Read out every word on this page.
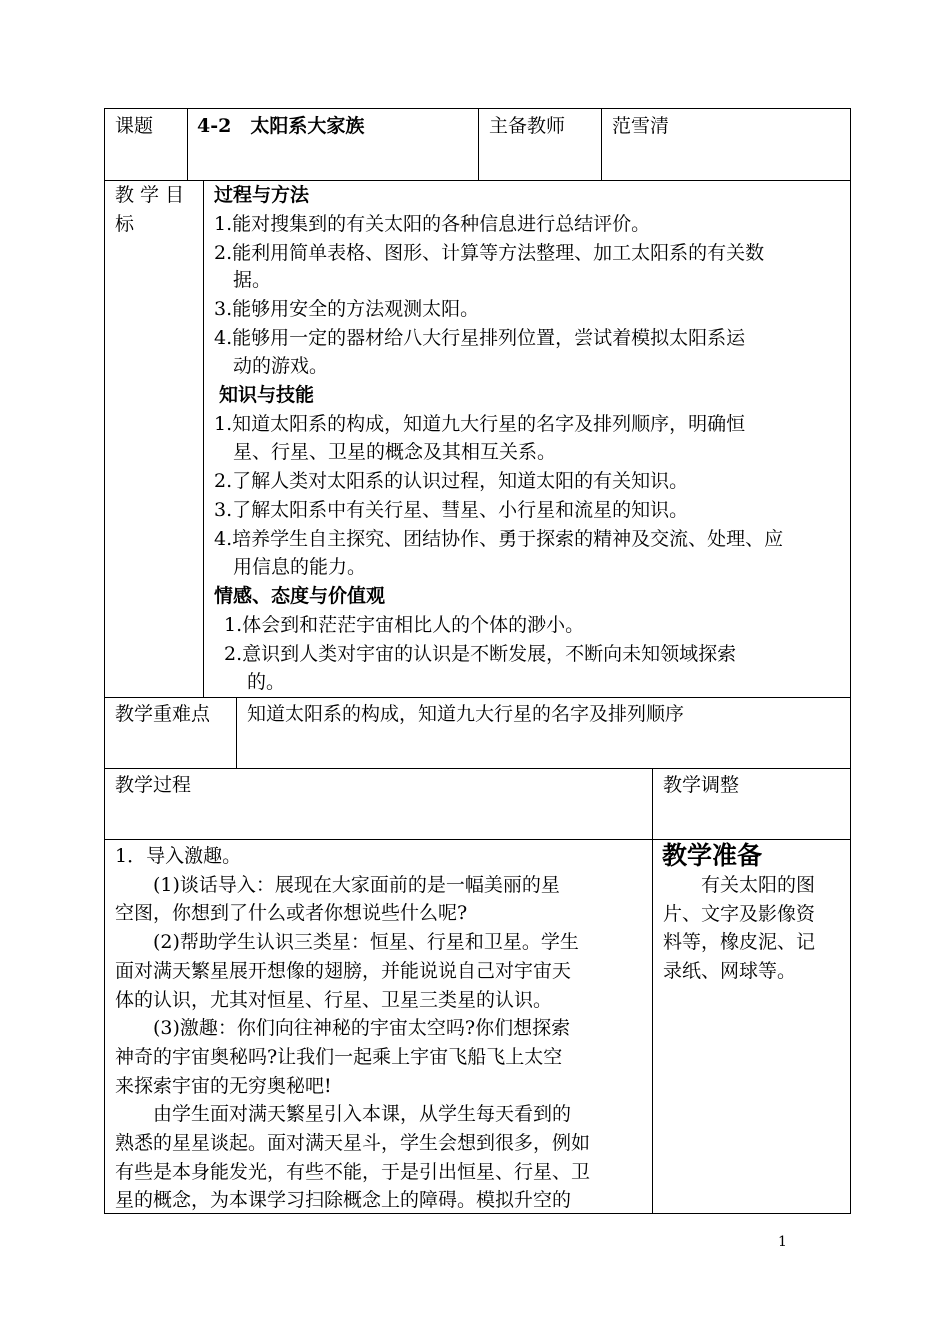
课题 4-2　太阳系大家族	主备教师 范雪清
教 学 目
标
过程与方法
1.能对搜集到的有关太阳的各种信息进行总结评价。
2.能利用简单表格、图形、计算等方法整理、加工太阳系的有关数
据。
3.能够用安全的方法观测太阳。
4.能够用一定的器材给八大行星排列位置，尝试着模拟太阳系运
动的游戏。
知识与技能
1.知道太阳系的构成，知道九大行星的名字及排列顺序，明确恒
星、行星、卫星的概念及其相互关系。
2.了解人类对太阳系的认识过程，知道太阳的有关知识。
3.了解太阳系中有关行星、彗星、小行星和流星的知识。
4.培养学生自主探究、团结协作、勇于探索的精神及交流、处理、应
用信息的能力。
情感、态度与价值观
1.体会到和茫茫宇宙相比人的个体的渺小。
2.意识到人类对宇宙的认识是不断发展，不断向未知领域探索
的。
教学重难点 知道太阳系的构成，知道九大行星的名字及排列顺序
教学过程	教学调整
1．导入激趣。
　　(1)谈话导入：展现在大家面前的是一幅美丽的星
空图，你想到了什么或者你想说些什么呢?
　　(2)帮助学生认识三类星：恒星、行星和卫星。学生
面对满天繁星展开想像的翅膀，并能说说自己对宇宙天
体的认识，尤其对恒星、行星、卫星三类星的认识。
　　(3)激趣：你们向往神秘的宇宙太空吗?你们想探索
神奇的宇宙奥秘吗?让我们一起乘上宇宙飞船飞上太空
来探索宇宙的无穷奥秘吧!
　　由学生面对满天繁星引入本课，从学生每天看到的
熟悉的星星谈起。面对满天星斗，学生会想到很多，例如
有些是本身能发光，有些不能，于是引出恒星、行星、卫
星的概念，为本课学习扫除概念上的障碍。模拟升空的
教学准备
　　有关太阳的图
片、文字及影像资
料等，橡皮泥、记
录纸、网球等。
1
